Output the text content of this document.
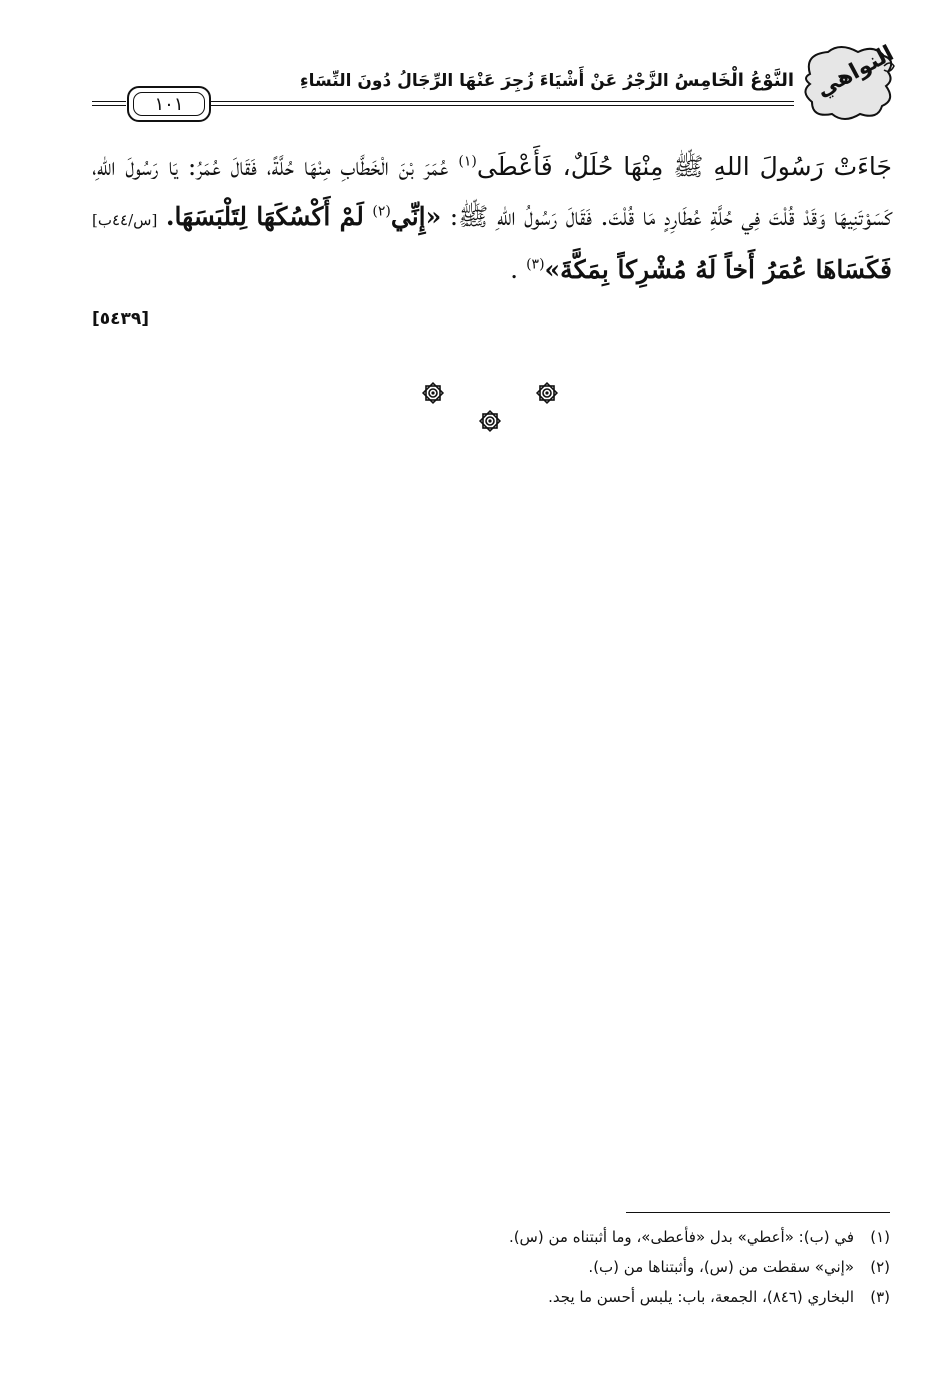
النواهي
النَّوْعُ الْخَامِسُ الزَّجْرُ عَنْ أَشْيَاءَ زُجِرَ عَنْهَا الرِّجَالُ دُونَ النِّسَاءِ
١٠١
جَاءَتْ رَسُولَ اللهِ ﷺ مِنْهَا حُلَلٌ، فَأَعْطَى$^{(١)}$ عُمَرَ بْنَ الْخَطَّابِ مِنْهَا حُلَّةً، فَقَالَ عُمَرُ: يَا رَسُولَ اللهِ، كَسَوْتَنِيهَا وَقَدْ قُلْتَ فِي حُلَّةِ عُطَارِدٍ مَا قُلْتَ. فَقَالَ رَسُولُ اللهِ ﷺ: «إِنِّي$^{(٢)}$ لَمْ أَكْسُكَهَا لِتَلْبَسَهَا. [س/٤٤ب] فَكَسَاهَا عُمَرُ أَخاً لَهُ مُشْرِكاً بِمَكَّةَ»$^{(٣)}$ .
[٥٤٣٩]
(١)في (ب): «أعطي» بدل «فأعطى»، وما أثبتناه من (س).
(٢)«إني» سقطت من (س)، وأثبتناها من (ب).
(٣)البخاري (٨٤٦)، الجمعة، باب: يلبس أحسن ما يجد.
